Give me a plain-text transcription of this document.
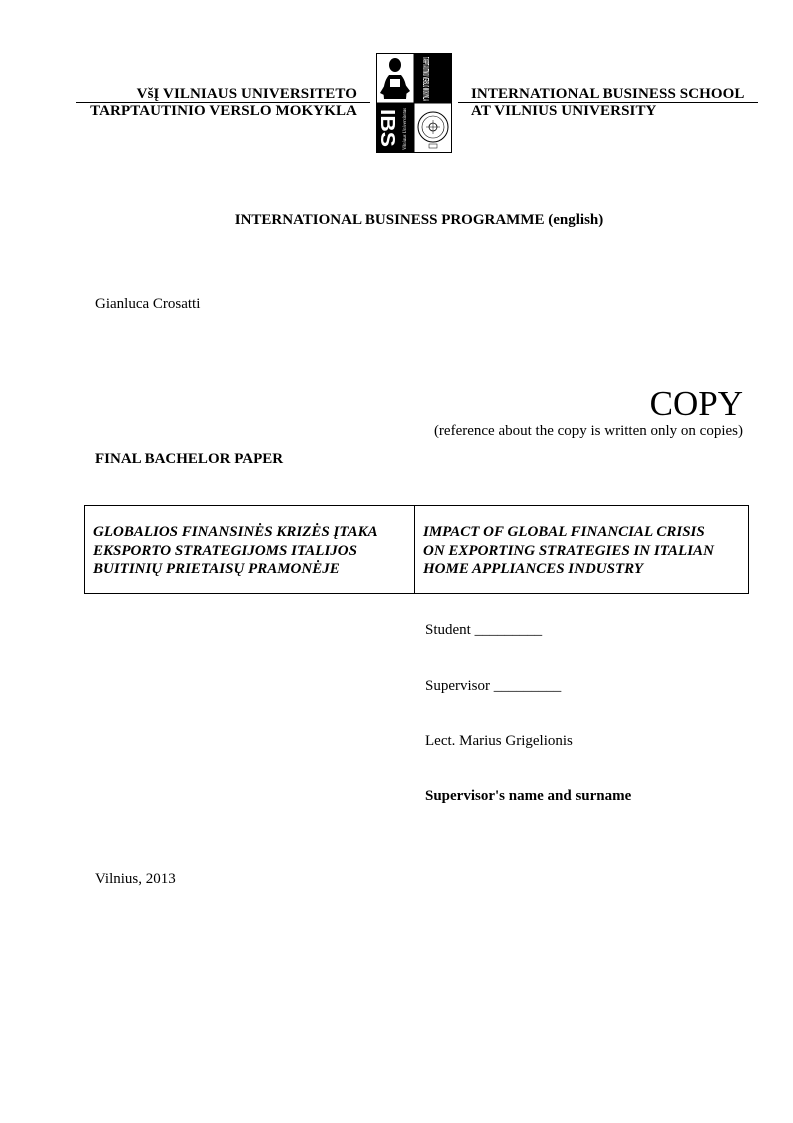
VšĮ VILNIAUS UNIVERSITETO
TARPTAUTINIO VERSLO MOKYKLA IBS Vilniaus Universitetas
INTERNATIONAL BUSINESS SCHOOL
AT VILNIUS UNIVERSITY
INTERNATIONAL BUSINESS PROGRAMME (english)
Gianluca Crosatti
COPY
(reference about the copy is written only on copies)
FINAL BACHELOR PAPER
GLOBALIOS FINANSINĖS KRIZĖS ĮTAKA
EKSPORTO STRATEGIJOMS ITALIJOS
BUITINIŲ PRIETAISŲ PRAMONĖJE
IMPACT OF GLOBAL FINANCIAL CRISIS
ON EXPORTING STRATEGIES IN ITALIAN
HOME APPLIANCES INDUSTRY
Student _________
Supervisor _________
Lect. Marius Grigelionis
Supervisor's name and surname
Vilnius, 2013
